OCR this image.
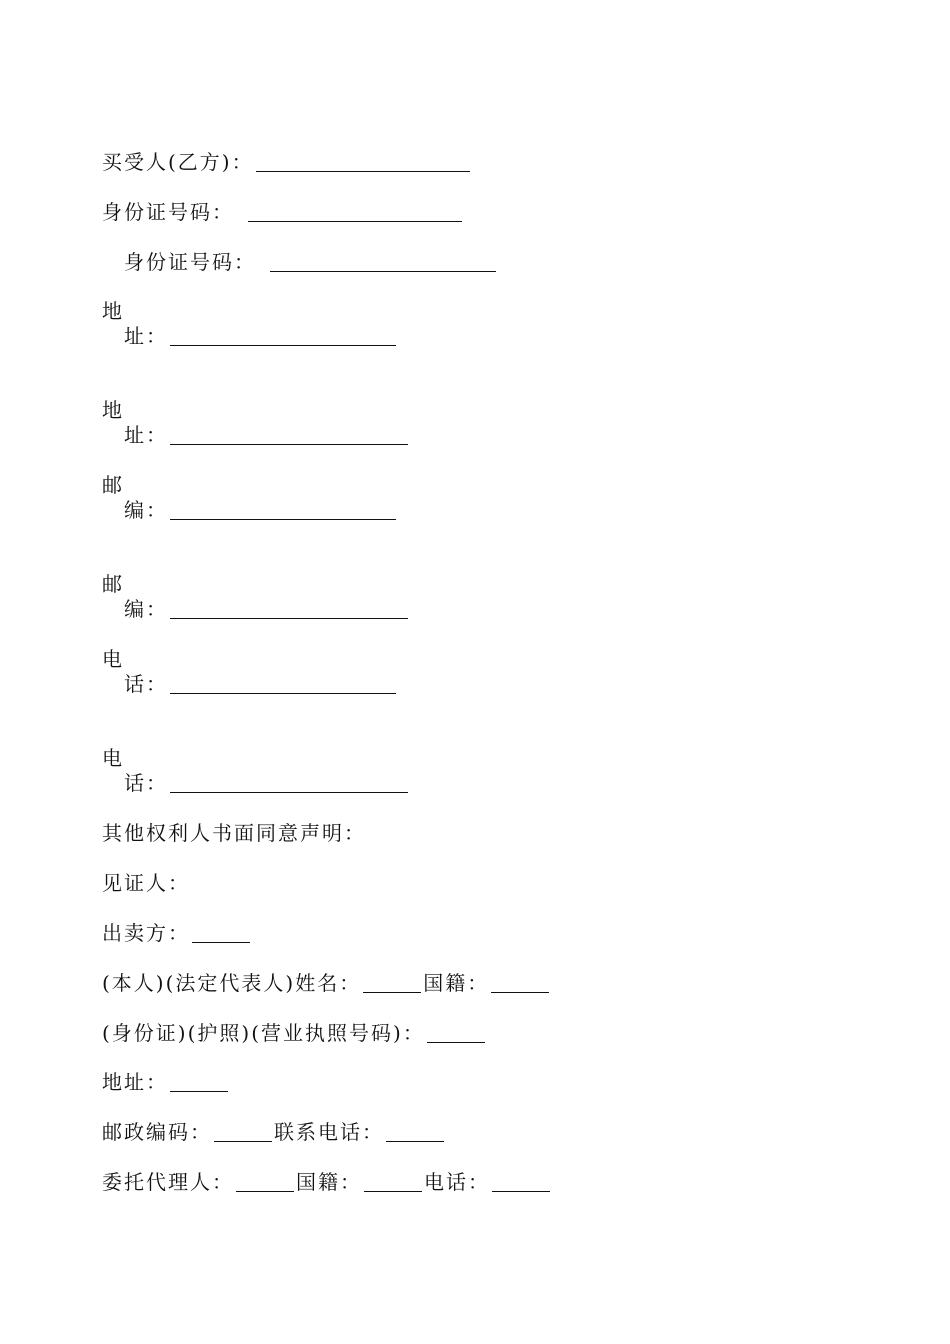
买受人(乙方)：
身份证号码：
身份证号码：
地
址：
地
址：
邮
编：
邮
编：
电
话：
电
话：
其他权利人书面同意声明：
见证人：
出卖方：
(本人)(法定代表人)姓名：	国籍：
(身份证)(护照)(营业执照号码)：
地址：
邮政编码：	联系电话：
委托代理人：	国籍：	电话：
